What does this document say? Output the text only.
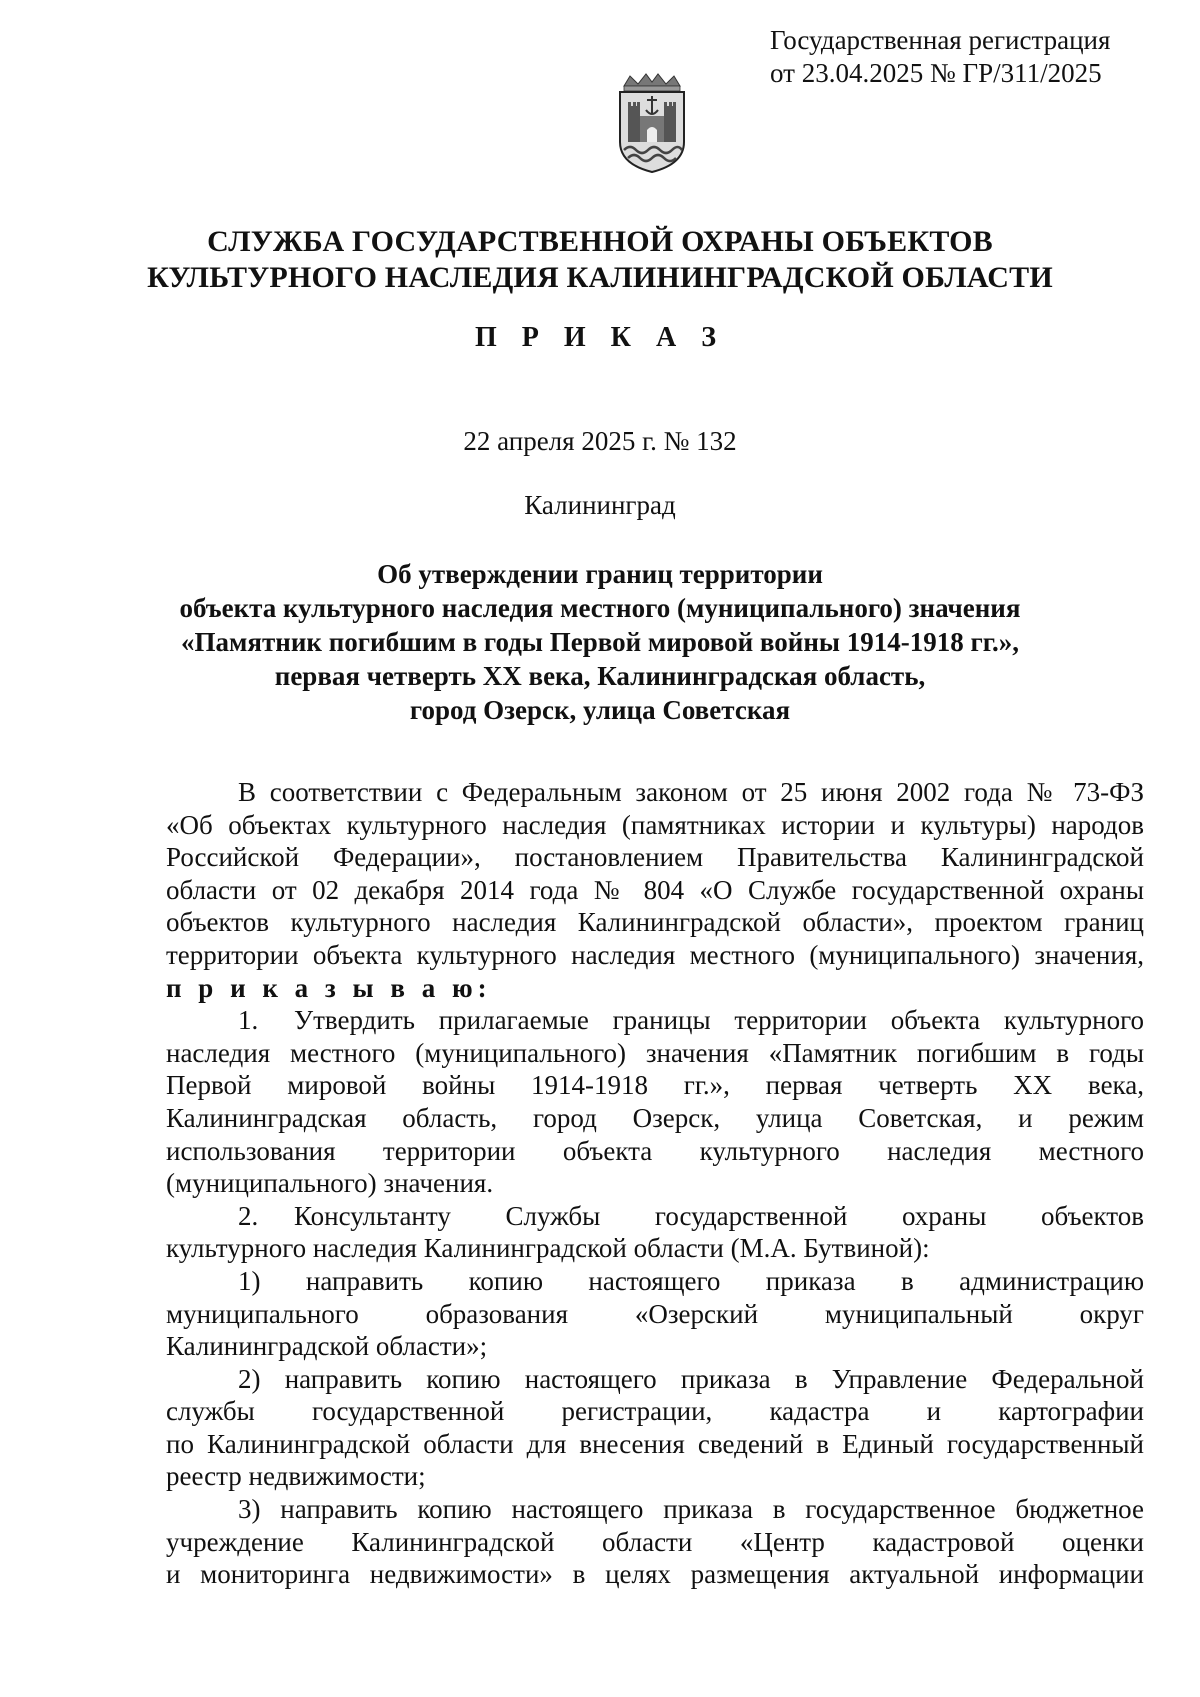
Государственная регистрация
от 23.04.2025 № ГР/311/2025
СЛУЖБА ГОСУДАРСТВЕННОЙ ОХРАНЫ ОБЪЕКТОВ
КУЛЬТУРНОГО НАСЛЕДИЯ КАЛИНИНГРАДСКОЙ ОБЛАСТИ
П Р И К А З
22 апреля 2025 г. № 132
Калининград
Об утверждении границ территории
объекта культурного наследия местного (муниципального) значения
«Памятник погибшим в годы Первой мировой войны 1914-1918 гг.»,
первая четверть XX века, Калининградская область,
город Озерск, улица Советская
В соответствии с Федеральным законом от 25 июня 2002 года № 73-ФЗ
«Об объектах культурного наследия (памятниках истории и культуры) народов
Российской Федерации», постановлением Правительства Калининградской
области от 02 декабря 2014 года № 804 «О Службе государственной охраны
объектов культурного наследия Калининградской области», проектом границ
территории объекта культурного наследия местного (муниципального) значения,
п р и к а з ы в а ю:
1. Утвердить прилагаемые границы территории объекта культурного
наследия местного (муниципального) значения «Памятник погибшим в годы
Первой мировой войны 1914-1918 гг.», первая четверть XX века,
Калининградская область, город Озерск, улица Советская, и режим
использования территории объекта культурного наследия местного
(муниципального) значения.
2. Консультанту Службы государственной охраны объектов
культурного наследия Калининградской области (М.А. Бутвиной):
1) направить копию настоящего приказа в администрацию
муниципального образования «Озерский муниципальный округ
Калининградской области»;
2) направить копию настоящего приказа в Управление Федеральной
службы государственной регистрации, кадастра и картографии
по Калининградской области для внесения сведений в Единый государственный
реестр недвижимости;
3) направить копию настоящего приказа в государственное бюджетное
учреждение Калининградской области «Центр кадастровой оценки
и мониторинга недвижимости» в целях размещения актуальной информации
